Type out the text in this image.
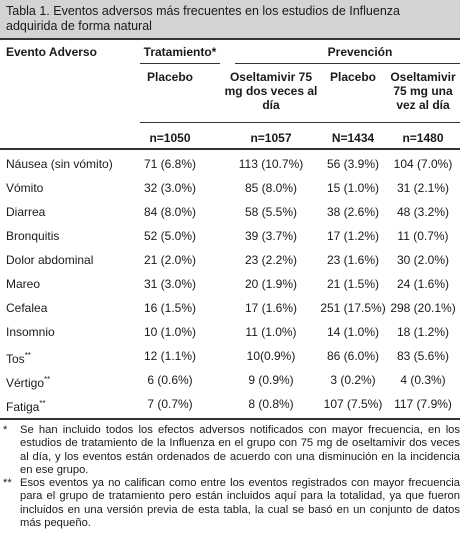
Tabla 1. Eventos adversos más frecuentes en los estudios de Influenza adquirida de forma natural
Evento Adverso	Tratamiento*	Prevención
Placebo	Oseltamivir 75 mg dos veces al día
Placebo	Oseltamivir 75 mg una vez al día
n=1050	n=1057	N=1434	n=1480
Náusea (sin vómito)	71 (6.8%)	113 (10.7%)	56 (3.9%)	104 (7.0%)
Vómito	32 (3.0%)	85 (8.0%)	15 (1.0%)	31 (2.1%)
Diarrea	84 (8.0%)	58 (5.5%)	38 (2.6%)	48 (3.2%)
Bronquitis	52 (5.0%)	39 (3.7%)	17 (1.2%)	11 (0.7%)
Dolor abdominal	21 (2.0%)	23 (2.2%)	23 (1.6%)	30 (2.0%)
Mareo	31 (3.0%)	20 (1.9%)	21 (1.5%)	24 (1.6%)
Cefalea	16 (1.5%)	17 (1.6%)	251 (17.5%) 298 (20.1%)
Insomnio	10 (1.0%)	11 (1.0%)	14 (1.0%)	18 (1.2%)
Tos**	12 (1.1%)	10(0.9%)	86 (6.0%)	83 (5.6%)
Vértigo**	6 (0.6%)	9 (0.9%)	3 (0.2%)	4 (0.3%)
Fatiga**	7 (0.7%)	8 (0.8%)	107 (7.5%) 117 (7.9%)
* Se han incluido todos los efectos adversos notificados con mayor frecuencia, en los estudios de tratamiento de la Influenza en el grupo con 75 mg de oseltamivir dos veces al día, y los eventos están ordenados de acuerdo con una disminución en la incidencia en ese grupo.
** Esos eventos ya no califican como entre los eventos registrados con mayor frecuencia para el grupo de tratamiento pero están incluidos aquí para la totalidad, ya que fueron incluidos en una versión previa de esta tabla, la cual se basó en un conjunto de datos más pequeño.
